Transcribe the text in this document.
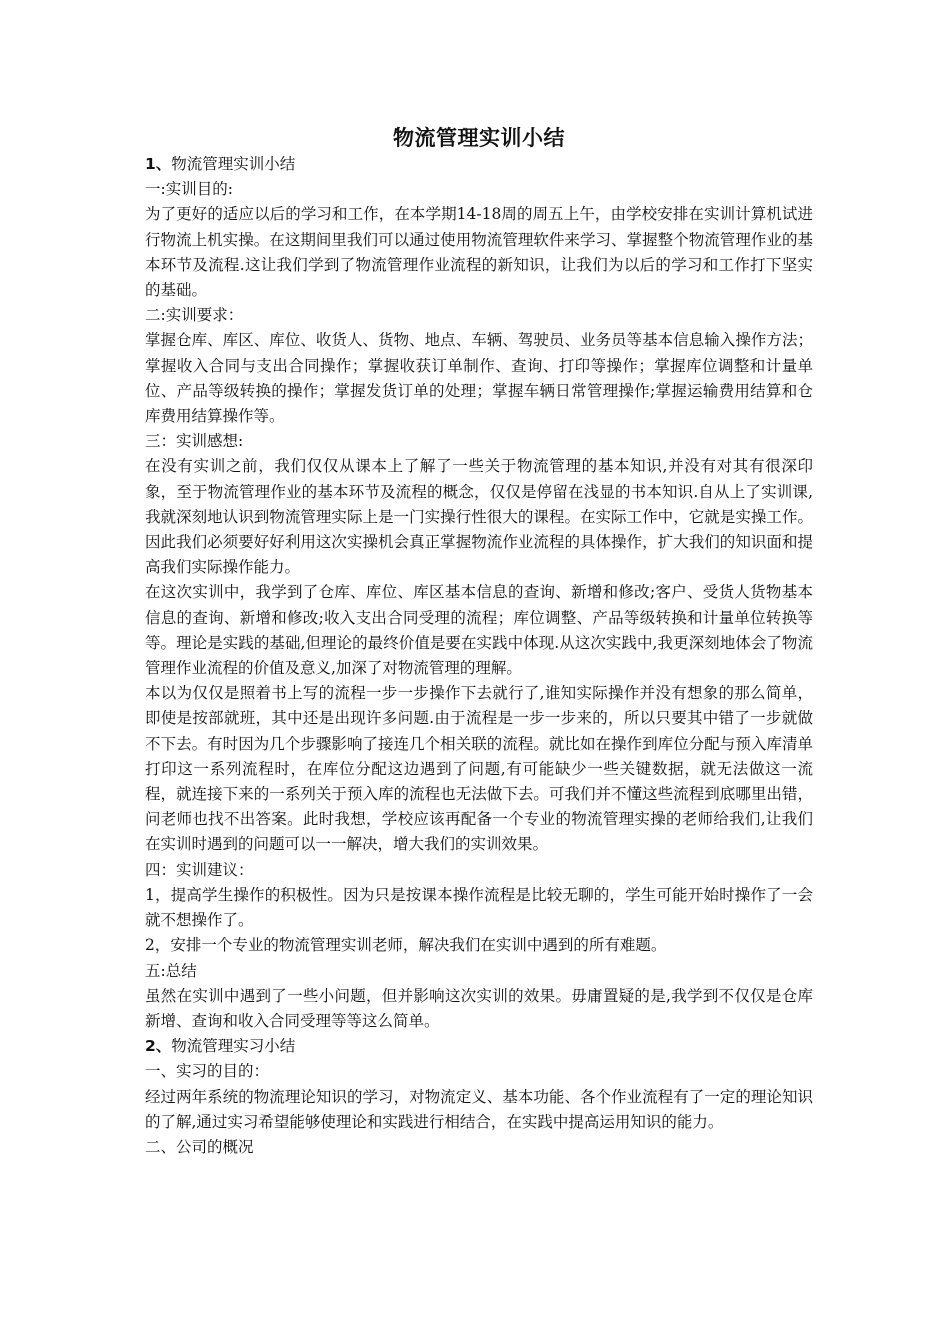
物流管理实训小结

1、物流管理实训小结

一:实训目的:

为了更好的适应以后的学习和工作，在本学期14-18周的周五上午，由学校安排在实训计算机试进行物流上机实操。在这期间里我们可以通过使用物流管理软件来学习、掌握整个物流管理作业的基本环节及流程.这让我们学到了物流管理作业流程的新知识，让我们为以后的学习和工作打下坚实的基础。

二:实训要求：

掌握仓库、库区、库位、收货人、货物、地点、车辆、驾驶员、业务员等基本信息输入操作方法；掌握收入合同与支出合同操作；掌握收获订单制作、查询、打印等操作；掌握库位调整和计量单位、产品等级转换的操作；掌握发货订单的处理；掌握车辆日常管理操作;掌握运输费用结算和仓库费用结算操作等。

三：实训感想:

在没有实训之前，我们仅仅从课本上了解了一些关于物流管理的基本知识,并没有对其有很深印象，至于物流管理作业的基本环节及流程的概念，仅仅是停留在浅显的书本知识.自从上了实训课,我就深刻地认识到物流管理实际上是一门实操行性很大的课程。在实际工作中，它就是实操工作。因此我们必须要好好利用这次实操机会真正掌握物流作业流程的具体操作，扩大我们的知识面和提高我们实际操作能力。

在这次实训中，我学到了仓库、库位、库区基本信息的查询、新增和修改;客户、受货人货物基本信息的查询、新增和修改;收入支出合同受理的流程；库位调整、产品等级转换和计量单位转换等等。理论是实践的基础,但理论的最终价值是要在实践中体现.从这次实践中,我更深刻地体会了物流管理作业流程的价值及意义,加深了对物流管理的理解。

本以为仅仅是照着书上写的流程一步一步操作下去就行了,谁知实际操作并没有想象的那么简单，即使是按部就班，其中还是出现许多问题.由于流程是一步一步来的，所以只要其中错了一步就做不下去。有时因为几个步骤影响了接连几个相关联的流程。就比如在操作到库位分配与预入库清单打印这一系列流程时，在库位分配这边遇到了问题,有可能缺少一些关键数据，就无法做这一流程，就连接下来的一系列关于预入库的流程也无法做下去。可我们并不懂这些流程到底哪里出错，问老师也找不出答案。此时我想，学校应该再配备一个专业的物流管理实操的老师给我们,让我们在实训时遇到的问题可以一一解决，增大我们的实训效果。

四：实训建议：

1，提高学生操作的积极性。因为只是按课本操作流程是比较无聊的，学生可能开始时操作了一会就不想操作了。

2，安排一个专业的物流管理实训老师，解决我们在实训中遇到的所有难题。

五:总结

虽然在实训中遇到了一些小问题，但并影响这次实训的效果。毋庸置疑的是,我学到不仅仅是仓库新增、查询和收入合同受理等等这么简单。

2、物流管理实习小结

一、实习的目的：

经过两年系统的物流理论知识的学习，对物流定义、基本功能、各个作业流程有了一定的理论知识的了解,通过实习希望能够使理论和实践进行相结合，在实践中提高运用知识的能力。

二、公司的概况
